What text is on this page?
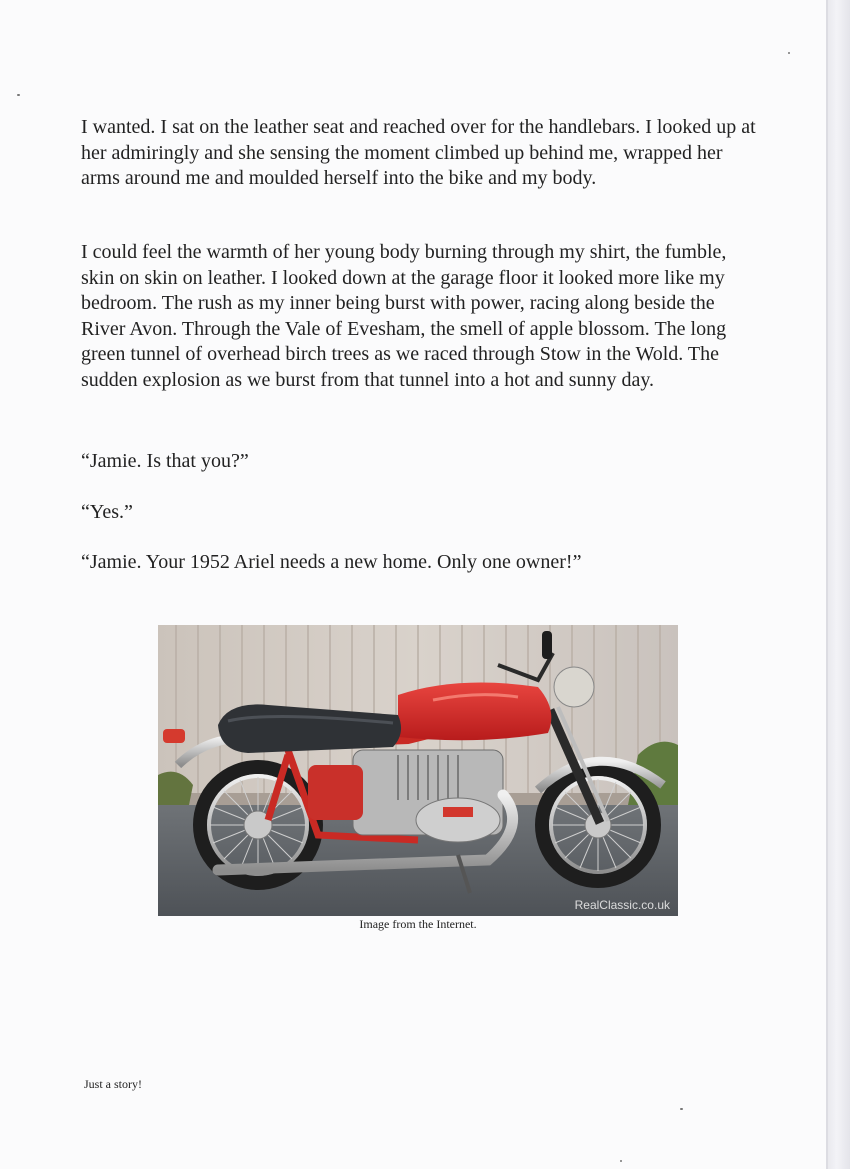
I wanted. I sat on the leather seat and reached over for the handlebars. I looked up at her admiringly and she sensing the moment climbed up behind me, wrapped her arms around me and moulded herself into the bike and my body.

I could feel the warmth of her young body burning through my shirt, the fumble, skin on skin on leather. I looked down at the garage floor it looked more like my bedroom. The rush as my inner being burst with power, racing along beside the River Avon. Through the Vale of Evesham, the smell of apple blossom. The long green tunnel of overhead birch trees as we raced through Stow in the Wold. The sudden explosion as we burst from that tunnel into a hot and sunny day.

“Jamie. Is that you?”

“Yes.”

“Jamie. Your 1952 Ariel needs a new home. Only one owner!”

RealClassic.co.uk
Image from the Internet.
Just a story!
